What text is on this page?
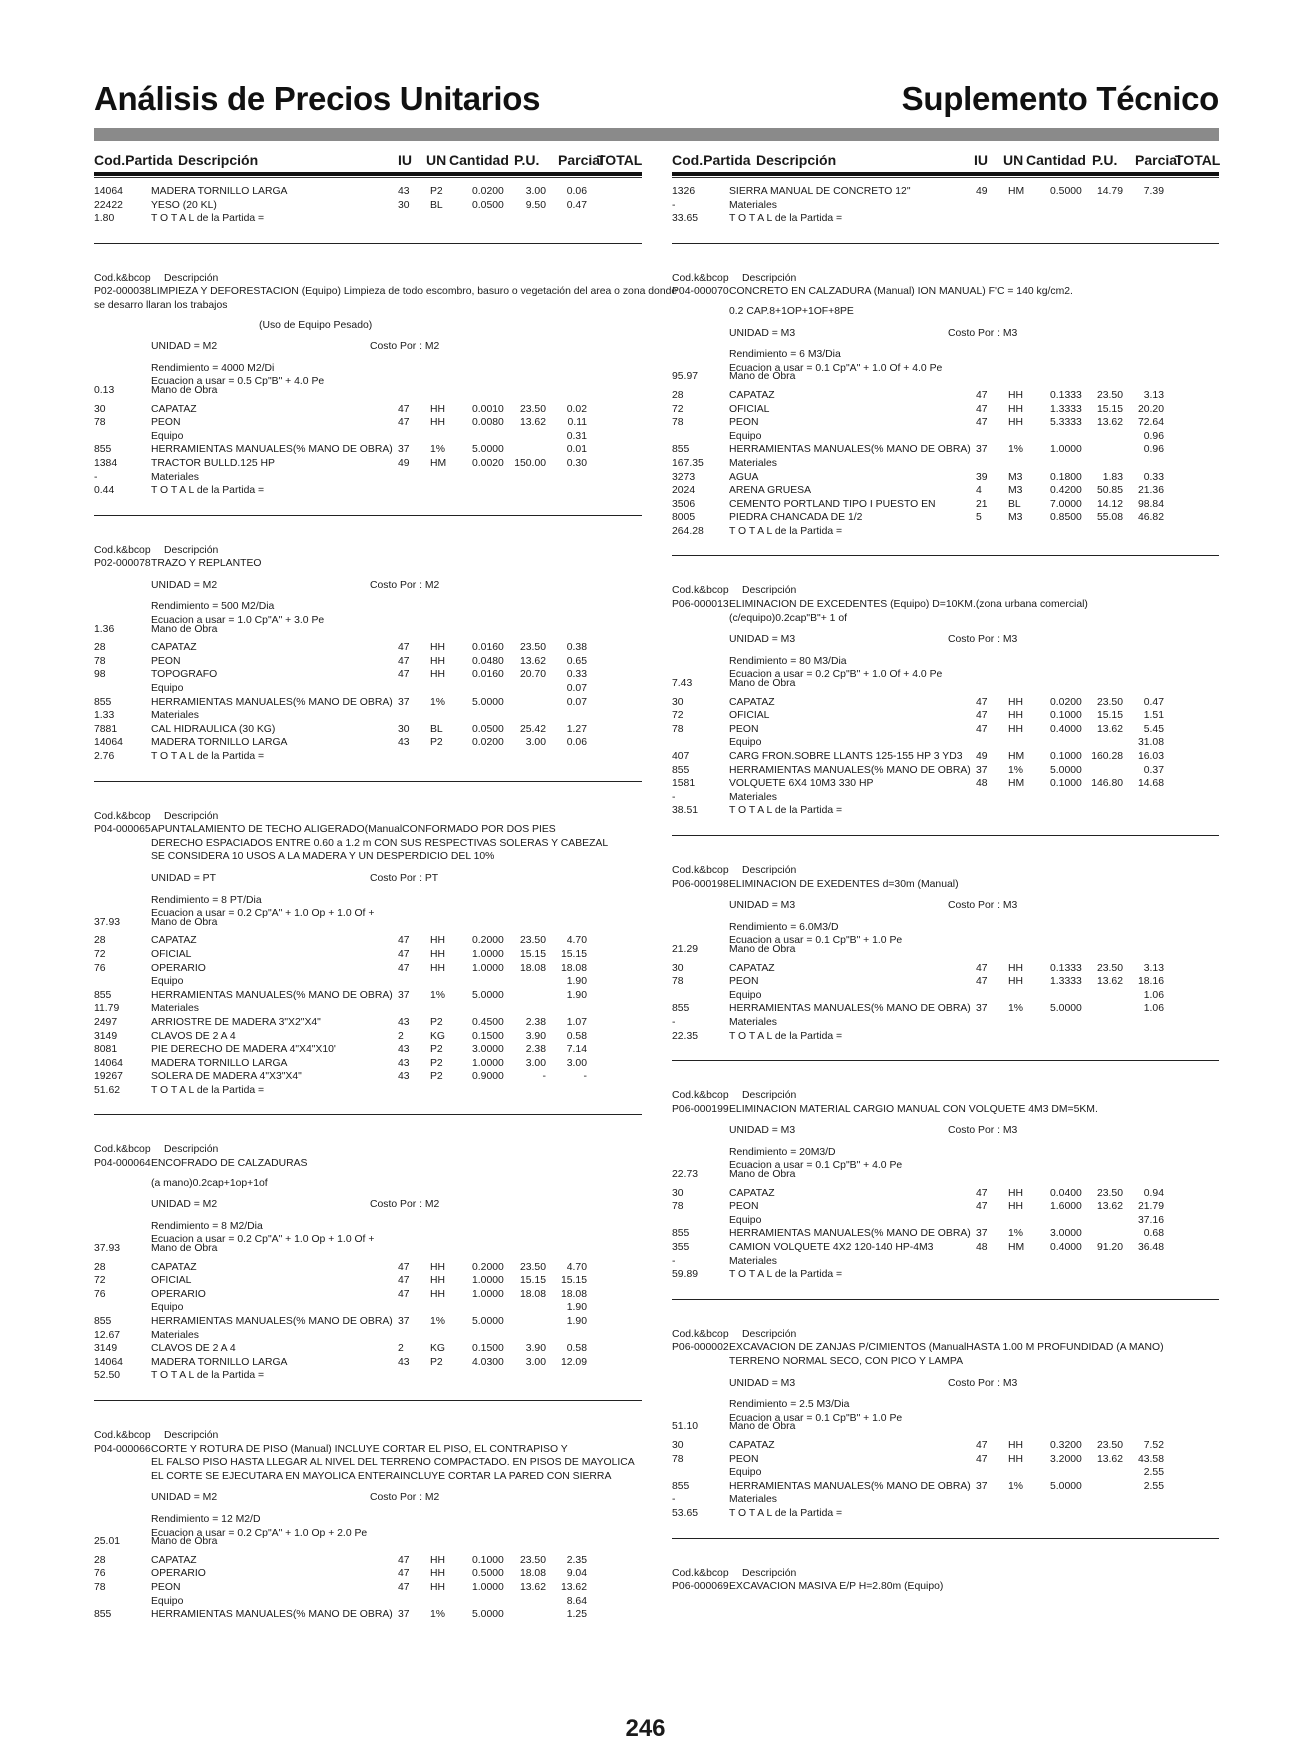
Análisis de Precios Unitarios	Suplemento Técnico
Cod.Partida Descripción	IU UN Cantidad P.U. Parcial
TOTAL
14064	MADERA TORNILLO LARGA	43 P2	0.0200 3.00 0.06
22422	YESO (20 KL)	30 BL	0.0500 9.50 0.47
T O T A L de la Partida =
1.80
Cod.k&bcop Descripción
P02-000038 LIMPIEZA Y DEFORESTACION (Equipo) Limpieza de todo escombro, basuro o vegetación del area o zona donde
se desarro llaran los trabajos
(Uso de Equipo Pesado)
UNIDAD = M2	Costo Por : M2
Rendimiento = 4000 M2/Di
Ecuacion a usar = 0.5 Cp"B" + 4.0 Pe
Mano de Obra
0.13
30	CAPATAZ	47 HH	0.0010 23.50 0.02
78	PEON	47 HH	0.0080 13.62 0.11
Equipo	0.31
855	HERRAMIENTAS MANUALES(% MANO DE OBRA) 37 1%	5.0000	0.01
1384	TRACTOR BULLD.125 HP	49 HM 0.0020 150.00 0.30
Materiales
-
T O T A L de la Partida =
0.44
Cod.k&bcop Descripción
P02-000078 TRAZO Y REPLANTEO
UNIDAD = M2	Costo Por : M2
Rendimiento = 500 M2/Dia
Ecuacion a usar = 1.0 Cp"A" + 3.0 Pe
Mano de Obra
1.36
28	CAPATAZ	47 HH	0.0160 23.50 0.38
78	PEON	47 HH	0.0480 13.62 0.65
98	TOPOGRAFO	47 HH	0.0160 20.70 0.33
Equipo	0.07
855	HERRAMIENTAS MANUALES(% MANO DE OBRA) 37 1%	5.0000	0.07
Materiales
1.33
7881	CAL HIDRAULICA (30 KG)	30 BL	0.0500 25.42 1.27
14064	MADERA TORNILLO LARGA	43 P2	0.0200 3.00 0.06
T O T A L de la Partida =
2.76
Cod.k&bcop Descripción
P04-000065 APUNTALAMIENTO DE TECHO ALIGERADO(ManualCONFORMADO POR DOS PIES
DERECHO ESPACIADOS ENTRE 0.60 a 1.2 m CON SUS RESPECTIVAS SOLERAS Y CABEZAL
SE CONSIDERA 10 USOS A LA MADERA Y UN DESPERDICIO DEL 10%
UNIDAD = PT	Costo Por : PT
Rendimiento = 8 PT/Dia
Ecuacion a usar = 0.2 Cp"A" + 1.0 Op + 1.0 Of +
Mano de Obra
37.93
28	CAPATAZ	47 HH	0.2000 23.50 4.70
72	OFICIAL	47 HH	1.0000 15.15 15.15
76	OPERARIO	47 HH	1.0000 18.08 18.08
Equipo	1.90
855	HERRAMIENTAS MANUALES(% MANO DE OBRA) 37 1%	5.0000	1.90
Materiales
11.79
2497	ARRIOSTRE DE MADERA 3"X2"X4"	43 P2	0.4500 2.38 1.07
3149	CLAVOS DE 2 A 4	2	KG	0.1500 3.90 0.58
8081	PIE DERECHO DE MADERA 4"X4"X10'	43 P2	3.0000 2.38 7.14
14064	MADERA TORNILLO LARGA	43 P2	1.0000 3.00 3.00
19267	SOLERA DE MADERA 4"X3"X4"	43 P2	0.9000	-	-
T O T A L de la Partida =
51.62
Cod.k&bcop Descripción
P04-000064 ENCOFRADO DE CALZADURAS
(a mano)0.2cap+1op+1of
UNIDAD = M2	Costo Por : M2
Rendimiento = 8 M2/Dia
Ecuacion a usar = 0.2 Cp"A" + 1.0 Op + 1.0 Of +
Mano de Obra
37.93
28	CAPATAZ	47 HH	0.2000 23.50 4.70
72	OFICIAL	47 HH	1.0000 15.15 15.15
76	OPERARIO	47 HH	1.0000 18.08 18.08
Equipo	1.90
855	HERRAMIENTAS MANUALES(% MANO DE OBRA) 37 1%	5.0000	1.90
Materiales
12.67
3149	CLAVOS DE 2 A 4	2	KG	0.1500 3.90 0.58
14064	MADERA TORNILLO LARGA	43 P2	4.0300 3.00 12.09
T O T A L de la Partida =
52.50
Cod.k&bcop Descripción
P04-000066 CORTE Y ROTURA DE PISO (Manual) INCLUYE CORTAR EL PISO, EL CONTRAPISO Y
EL FALSO PISO HASTA LLEGAR AL NIVEL DEL TERRENO COMPACTADO. EN PISOS DE MAYOLICA
EL CORTE SE EJECUTARA EN MAYOLICA ENTERAINCLUYE CORTAR LA PARED CON SIERRA
UNIDAD = M2	Costo Por : M2
Rendimiento = 12 M2/D
Ecuacion a usar = 0.2 Cp"A" + 1.0 Op + 2.0 Pe
Mano de Obra
25.01
28	CAPATAZ	47 HH	0.1000 23.50 2.35
76	OPERARIO	47 HH	0.5000 18.08 9.04
78	PEON	47 HH	1.0000 13.62 13.62
Equipo	8.64
855	HERRAMIENTAS MANUALES(% MANO DE OBRA) 37 1%	5.0000	1.25
Cod.Partida Descripción	IU UN Cantidad P.U. Parcial
TOTAL
1326	SIERRA MANUAL DE CONCRETO 12"	49 HM 0.5000 14.79 7.39
Materiales
-
T O T A L de la Partida =
33.65
Cod.k&bcop Descripción
P04-000070 CONCRETO EN CALZADURA (Manual) ION MANUAL) F'C = 140 kg/cm2.
0.2 CAP.8+1OP+1OF+8PE
UNIDAD = M3	Costo Por : M3
Rendimiento = 6 M3/Dia
Ecuacion a usar = 0.1 Cp"A" + 1.0 Of + 4.0 Pe
Mano de Obra
95.97
28	CAPATAZ	47 HH	0.1333 23.50 3.13
72	OFICIAL	47 HH	1.3333 15.15 20.20
78	PEON	47 HH	5.3333 13.62 72.64
Equipo	0.96
855	HERRAMIENTAS MANUALES(% MANO DE OBRA) 37 1%	1.0000	0.96
Materiales
167.35
3273	AGUA	39 M3	0.1800 1.83 0.33
2024	ARENA GRUESA	4	M3	0.4200 50.85 21.36
3506	CEMENTO PORTLAND TIPO I PUESTO EN	21 BL	7.0000 14.12 98.84
8005	PIEDRA CHANCADA DE 1/2	5	M3	0.8500 55.08 46.82
T O T A L de la Partida =
264.28
Cod.k&bcop Descripción
P06-000013 ELIMINACION DE EXCEDENTES (Equipo) D=10KM.(zona urbana comercial)
(c/equipo)0.2cap"B"+ 1 of
UNIDAD = M3	Costo Por : M3
Rendimiento = 80 M3/Dia
Ecuacion a usar = 0.2 Cp"B" + 1.0 Of + 4.0 Pe
Mano de Obra
7.43
30	CAPATAZ	47 HH	0.0200 23.50 0.47
72	OFICIAL	47 HH	0.1000 15.15 1.51
78	PEON	47 HH	0.4000 13.62 5.45
Equipo	31.08
407	CARG FRON.SOBRE LLANTS 125-155 HP 3 YD3 49 HM 0.1000 160.28 16.03
855	HERRAMIENTAS MANUALES(% MANO DE OBRA) 37 1%	5.0000	0.37
1581	VOLQUETE 6X4 10M3 330 HP	48 HM 0.1000 146.80 14.68
Materiales
-
T O T A L de la Partida =
38.51
Cod.k&bcop Descripción
P06-000198 ELIMINACION DE EXEDENTES d=30m (Manual)
UNIDAD = M3	Costo Por : M3
Rendimiento = 6.0M3/D
Ecuacion a usar = 0.1 Cp"B" + 1.0 Pe
Mano de Obra
21.29
30	CAPATAZ	47 HH	0.1333 23.50 3.13
78	PEON	47 HH	1.3333 13.62 18.16
Equipo	1.06
855	HERRAMIENTAS MANUALES(% MANO DE OBRA) 37 1%	5.0000	1.06
Materiales
-
T O T A L de la Partida =
22.35
Cod.k&bcop Descripción
P06-000199 ELIMINACION MATERIAL CARGIO MANUAL CON VOLQUETE 4M3 DM=5KM.
UNIDAD = M3	Costo Por : M3
Rendimiento = 20M3/D
Ecuacion a usar = 0.1 Cp"B" + 4.0 Pe
Mano de Obra
22.73
30	CAPATAZ	47 HH	0.0400 23.50 0.94
78	PEON	47 HH	1.6000 13.62 21.79
Equipo	37.16
855	HERRAMIENTAS MANUALES(% MANO DE OBRA) 37 1%	3.0000	0.68
355	CAMION VOLQUETE 4X2 120-140 HP-4M3	48 HM 0.4000 91.20 36.48
Materiales
-
T O T A L de la Partida =
59.89
Cod.k&bcop Descripción
P06-000002 EXCAVACION DE ZANJAS P/CIMIENTOS (ManualHASTA 1.00 M PROFUNDIDAD (A MANO)
TERRENO NORMAL SECO, CON PICO Y LAMPA
UNIDAD = M3	Costo Por : M3
Rendimiento = 2.5 M3/Dia
Ecuacion a usar = 0.1 Cp"B" + 1.0 Pe
Mano de Obra
51.10
30	CAPATAZ	47 HH	0.3200 23.50 7.52
78	PEON	47 HH	3.2000 13.62 43.58
Equipo	2.55
855	HERRAMIENTAS MANUALES(% MANO DE OBRA) 37 1%	5.0000	2.55
Materiales
-
T O T A L de la Partida =
53.65
Cod.k&bcop Descripción
P06-000069 EXCAVACION MASIVA E/P H=2.80m (Equipo)
246
